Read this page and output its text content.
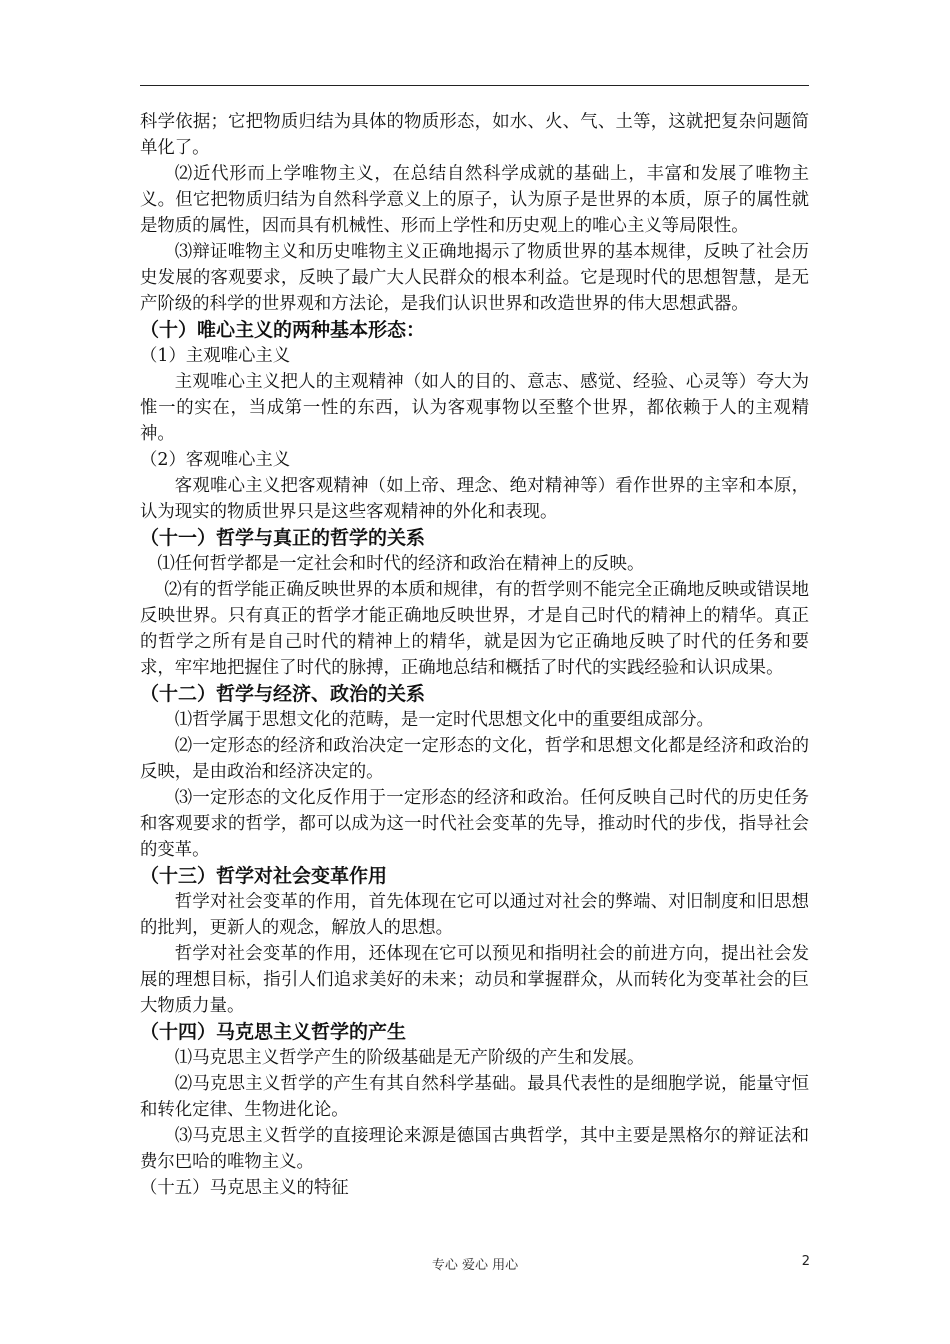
科学依据；它把物质归结为具体的物质形态，如水、火、气、土等，这就把复杂问题简单化了。

⑵近代形而上学唯物主义，在总结自然科学成就的基础上，丰富和发展了唯物主义。但它把物质归结为自然科学意义上的原子，认为原子是世界的本质，原子的属性就是物质的属性，因而具有机械性、形而上学性和历史观上的唯心主义等局限性。

⑶辩证唯物主义和历史唯物主义正确地揭示了物质世界的基本规律，反映了社会历史发展的客观要求，反映了最广大人民群众的根本利益。它是现时代的思想智慧，是无产阶级的科学的世界观和方法论，是我们认识世界和改造世界的伟大思想武器。

（十）唯心主义的两种基本形态：

（1）主观唯心主义

主观唯心主义把人的主观精神（如人的目的、意志、感觉、经验、心灵等）夸大为惟一的实在，当成第一性的东西，认为客观事物以至整个世界，都依赖于人的主观精神。

（2）客观唯心主义

客观唯心主义把客观精神（如上帝、理念、绝对精神等）看作世界的主宰和本原，认为现实的物质世界只是这些客观精神的外化和表现。

（十一）哲学与真正的哲学的关系

⑴任何哲学都是一定社会和时代的经济和政治在精神上的反映。

⑵有的哲学能正确反映世界的本质和规律，有的哲学则不能完全正确地反映或错误地反映世界。只有真正的哲学才能正确地反映世界，才是自己时代的精神上的精华。真正的哲学之所有是自己时代的精神上的精华，就是因为它正确地反映了时代的任务和要求，牢牢地把握住了时代的脉搏，正确地总结和概括了时代的实践经验和认识成果。

（十二）哲学与经济、政治的关系

⑴哲学属于思想文化的范畴，是一定时代思想文化中的重要组成部分。

⑵一定形态的经济和政治决定一定形态的文化，哲学和思想文化都是经济和政治的反映，是由政治和经济决定的。

⑶一定形态的文化反作用于一定形态的经济和政治。任何反映自己时代的历史任务和客观要求的哲学，都可以成为这一时代社会变革的先导，推动时代的步伐，指导社会的变革。

（十三）哲学对社会变革作用

哲学对社会变革的作用，首先体现在它可以通过对社会的弊端、对旧制度和旧思想的批判，更新人的观念，解放人的思想。

哲学对社会变革的作用，还体现在它可以预见和指明社会的前进方向，提出社会发展的理想目标，指引人们追求美好的未来；动员和掌握群众，从而转化为变革社会的巨大物质力量。

（十四）马克思主义哲学的产生

⑴马克思主义哲学产生的阶级基础是无产阶级的产生和发展。

⑵马克思主义哲学的产生有其自然科学基础。最具代表性的是细胞学说，能量守恒和转化定律、生物进化论。

⑶马克思主义哲学的直接理论来源是德国古典哲学，其中主要是黑格尔的辩证法和费尔巴哈的唯物主义。

（十五）马克思主义的特征

专心 爱心 用心	2
